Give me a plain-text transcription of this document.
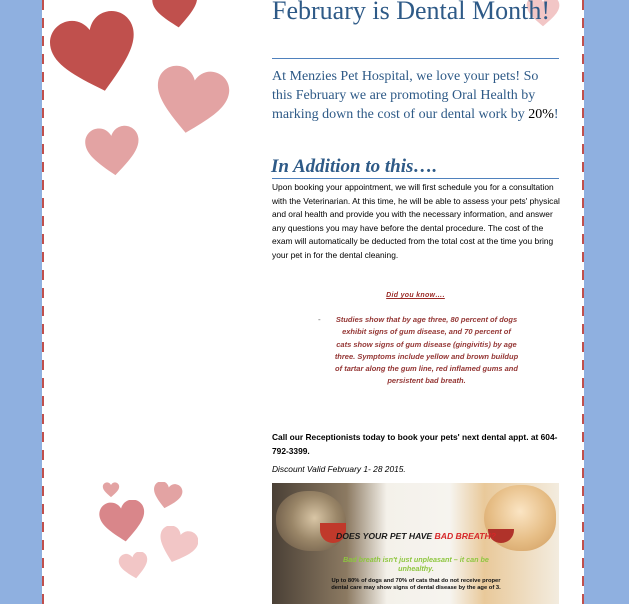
February is Dental Month!

At Menzies Pet Hospital, we love your pets! So this February we are promoting Oral Health by marking down the cost of our dental work by 20%!

In Addition to this….

Upon booking your appointment, we will first schedule you for a consultation with the Veterinarian. At this time, he will be able to assess your pets' physical and oral health and provide you with the necessary information, and answer any questions you may have before the dental procedure. The cost of the exam will automatically be deducted from the total cost at the time you bring your pet in for the dental cleaning.

Did you know….

- Studies show that by age three, 80 percent of dogs exhibit signs of gum disease, and 70 percent of cats show signs of gum disease (gingivitis) by age three. Symptoms include yellow and brown buildup of tartar along the gum line, red inflamed gums and persistent bad breath.

Call our Receptionists today to book your pets' next dental appt. at 604-792-3399.

Discount Valid February 1- 28 2015.

DOES YOUR PET HAVE BAD BREATH?

Bad breath isn't just unpleasant – it can be unhealthy.

Up to 80% of dogs and 70% of cats that do not receive proper dental care may show signs of dental disease by the age of 3.
